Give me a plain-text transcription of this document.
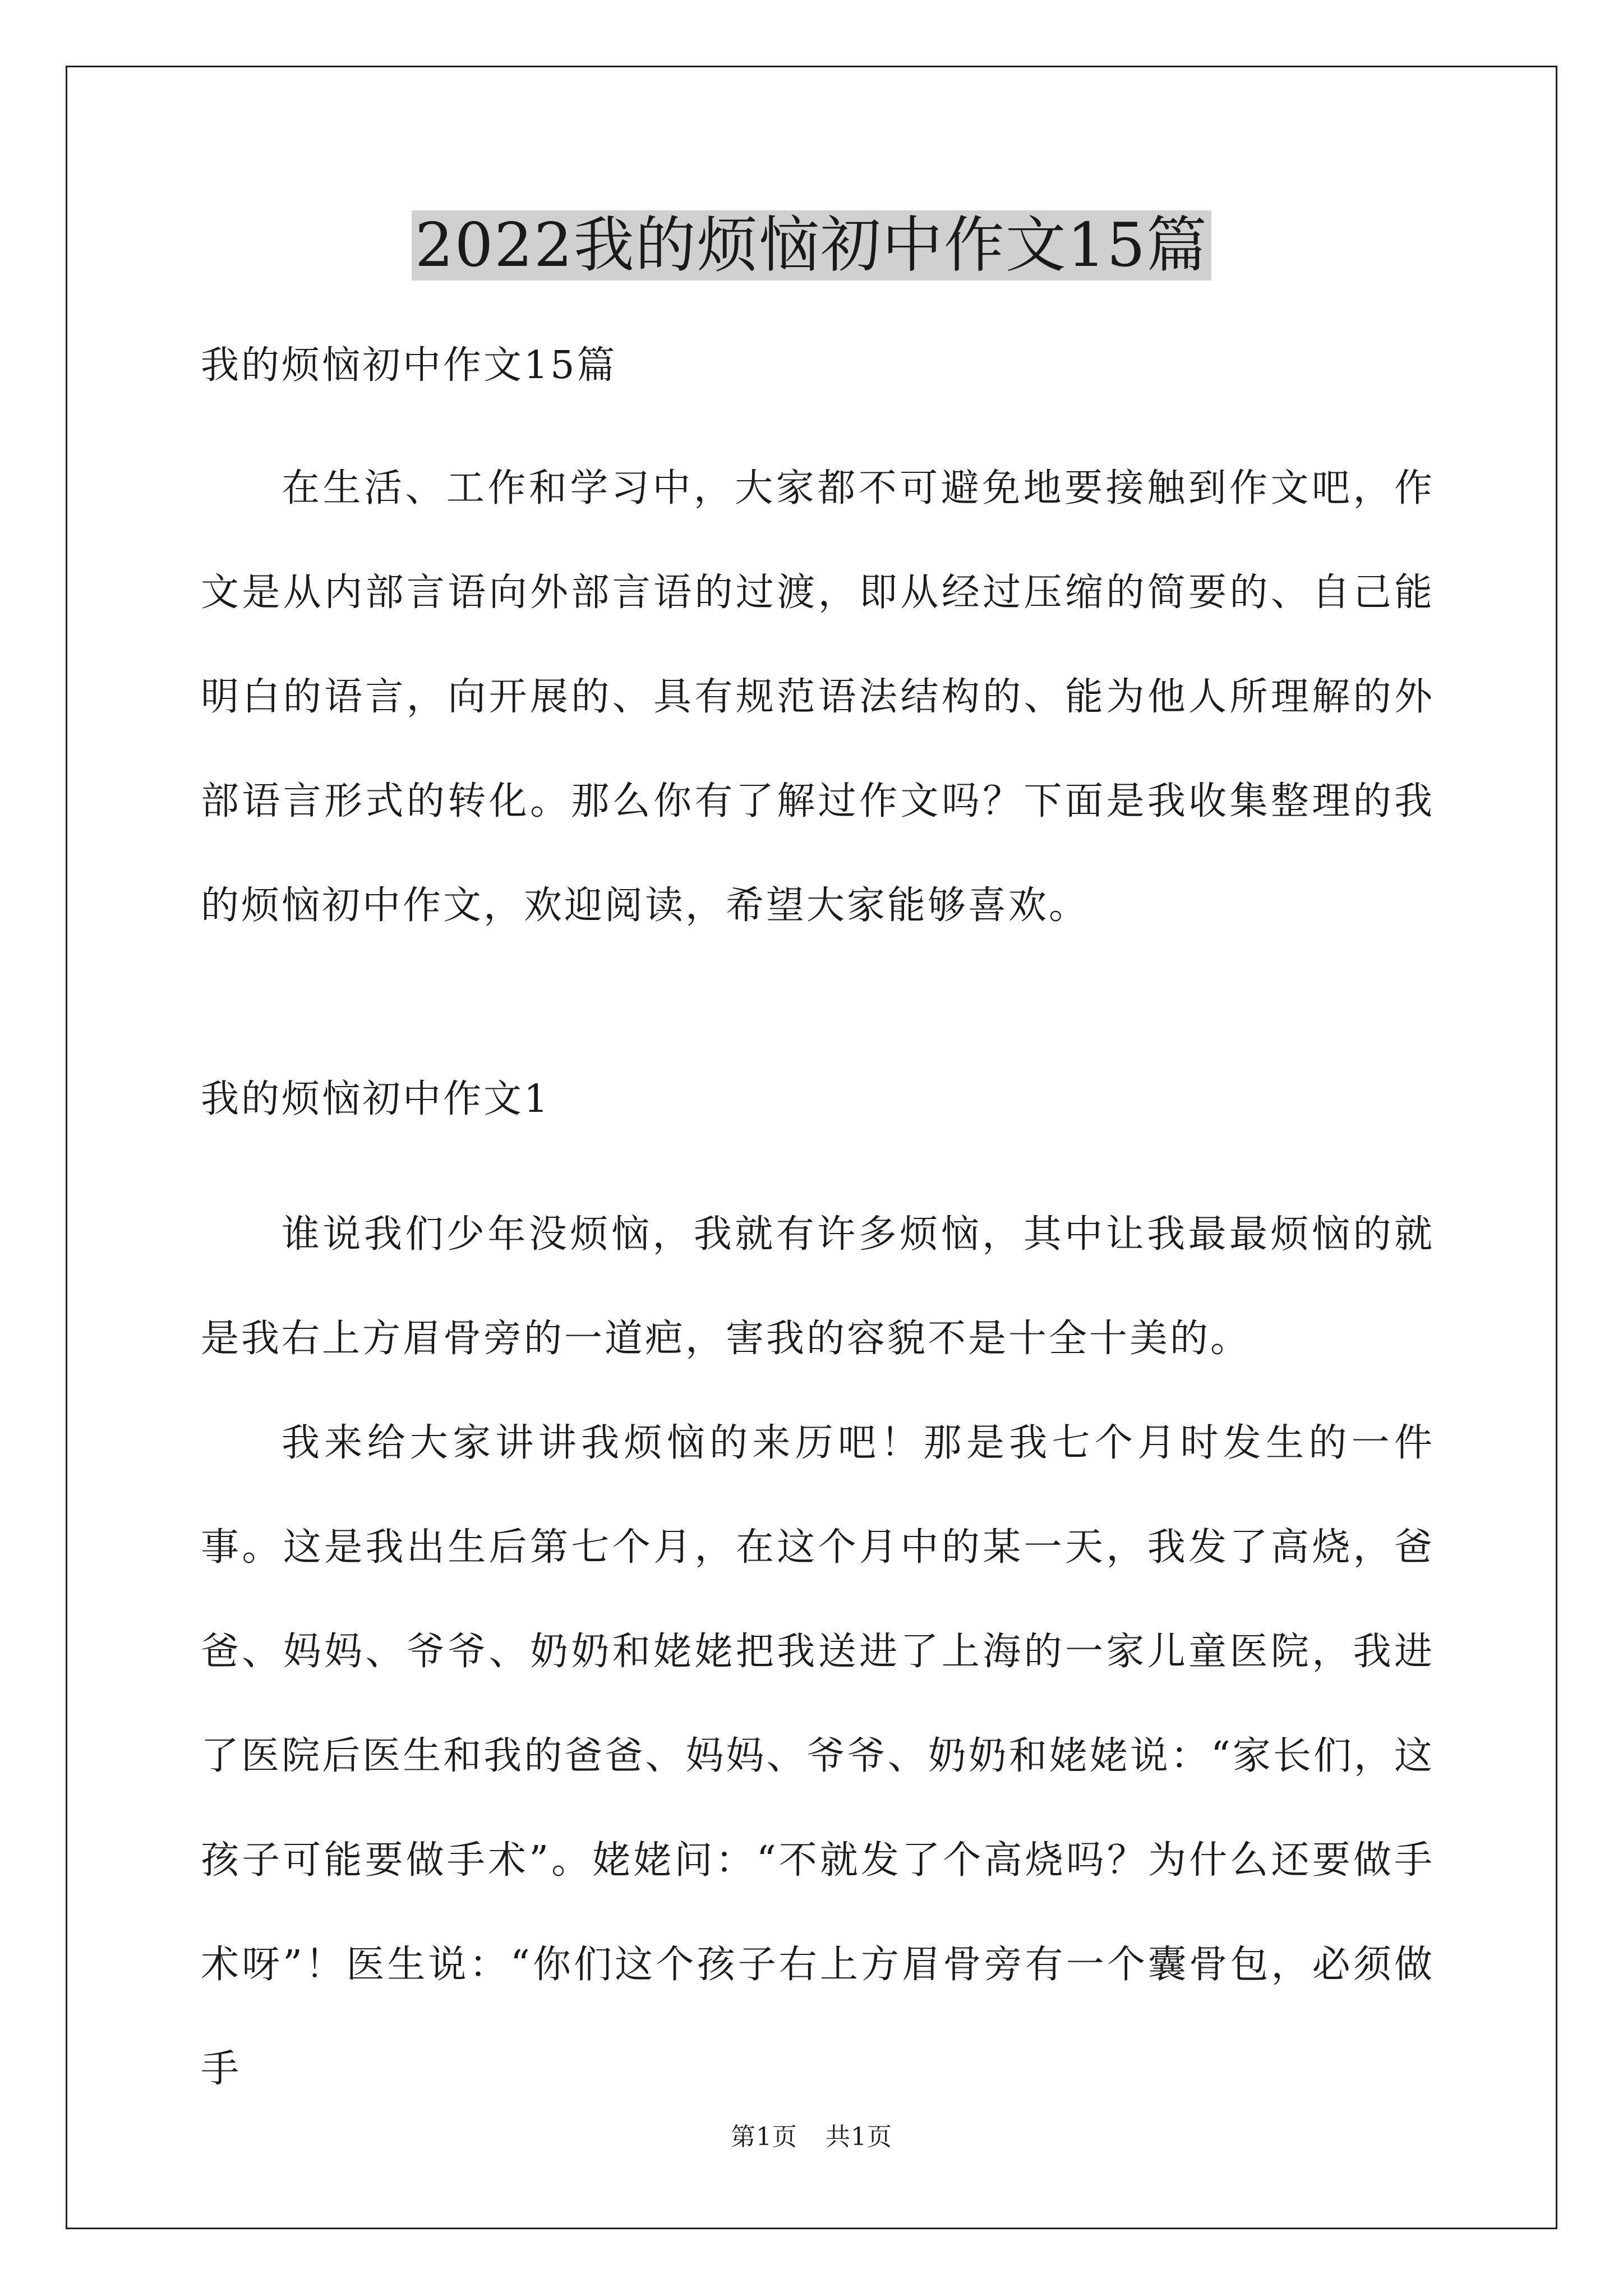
2022我的烦恼初中作文15篇
我的烦恼初中作文15篇
在生活、工作和学习中，大家都不可避免地要接触到作文吧，作文是从内部言语向外部言语的过渡，即从经过压缩的简要的、自己能明白的语言，向开展的、具有规范语法结构的、能为他人所理解的外部语言形式的转化。那么你有了解过作文吗？下面是我收集整理的我的烦恼初中作文，欢迎阅读，希望大家能够喜欢。
我的烦恼初中作文1
谁说我们少年没烦恼，我就有许多烦恼，其中让我最最烦恼的就是我右上方眉骨旁的一道疤，害我的容貌不是十全十美的。
我来给大家讲讲我烦恼的来历吧！那是我七个月时发生的一件事。这是我出生后第七个月，在这个月中的某一天，我发了高烧，爸爸、妈妈、爷爷、奶奶和姥姥把我送进了上海的一家儿童医院，我进了医院后医生和我的爸爸、妈妈、爷爷、奶奶和姥姥说：“家长们，这孩子可能要做手术”。姥姥问：“不就发了个高烧吗？为什么还要做手术呀”！医生说：“你们这个孩子右上方眉骨旁有一个囊骨包，必须做手
第1页 共1页
